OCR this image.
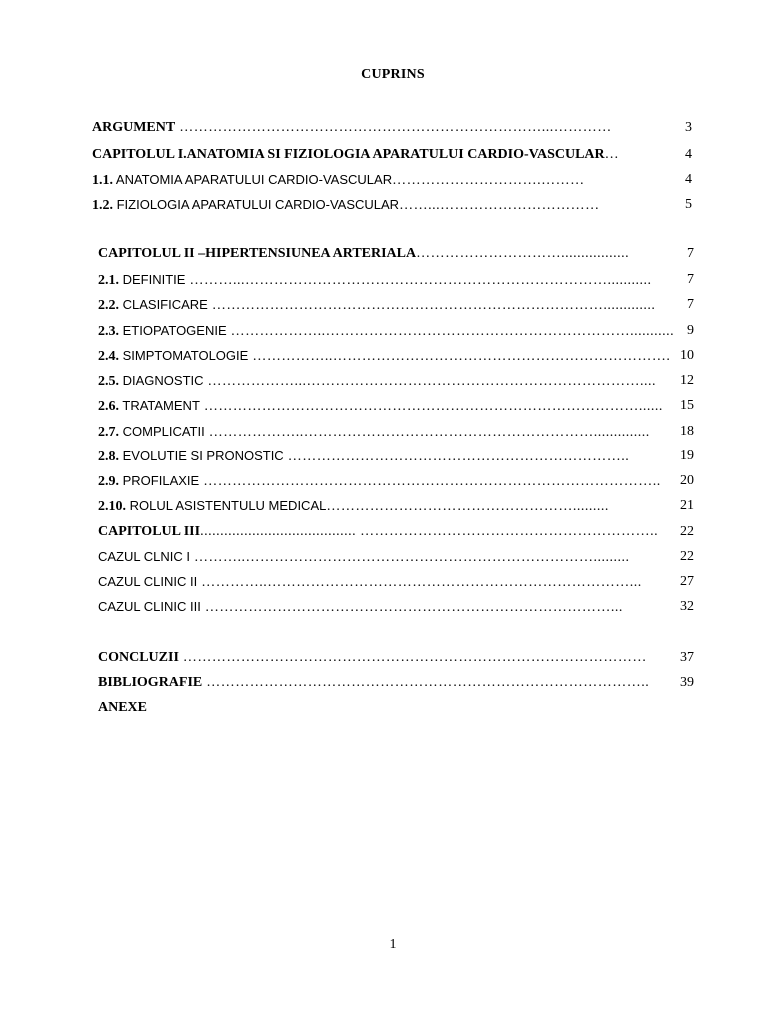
CUPRINS
ARGUMENT …………………………………………………………………...…………	3
CAPITOLUL I.ANATOMIA SI FIZIOLOGIA APARATULUI CARDIO-VASCULAR…	4
1.1. ANATOMIA APARATULUI CARDIO-VASCULAR………………………….………	4
1.2. FIZIOLOGIA APARATULUI CARDIO-VASCULAR……...……………………………	5
CAPITOLUL II –HIPERTENSIUNEA ARTERIALA………………………….................	7
2.1. DEFINITIE ………...…………………………………………………………………...........	7
2.2. CLASIFICARE ………………………………………………………………………............. 7
2.3. ETIOPATOGENIE ………………..………………………………………………………........... 9
2.4. SIMPTOMATOLOGIE ……………..……………………………………………………………. 10
2.5. DIAGNOSTIC ………………...…………………………………………………………….... 12
2.6. TRATAMENT ………………………………………………………………………………...... 15
2.7. COMPLICATII ………………..…………………………………………………….............. 18
2.8. EVOLUTIE SI PRONOSTIC ……………………………………………………………..	19
2.9. PROFILAXIE ………………………………………………………………………………….. 20
2.10. ROLUL ASISTENTULU MEDICAL…………………………………………….........	21
CAPITOLUL III....................................... …………………………………………………….. 22
CAZUL CLNIC I ………..……………………………………………………………….........	22
CAZUL CLINIC II …………..…………………………………………………………………...	27
CAZUL CLINIC III …………………………………………………………………………...	32
CONCLUZII …………………………………………………………………………………… 37
BIBLIOGRAFIE ……………………………………………………………………………….. 39
ANEXE
1
